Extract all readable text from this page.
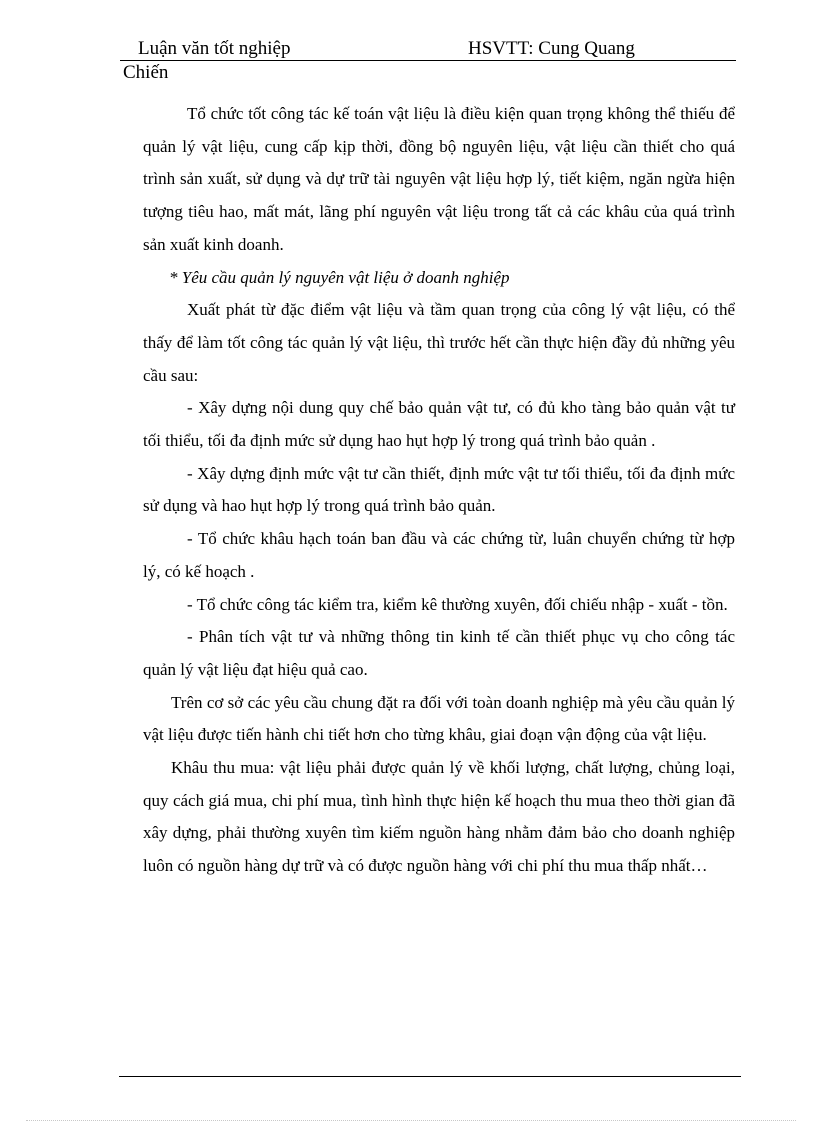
Luận văn tốt nghiệp	HSVTT: Cung Quang
Chiến

Tổ chức tốt công tác kế toán vật liệu là điều kiện quan trọng không thể thiếu để quản lý vật liệu, cung cấp kịp thời, đồng bộ nguyên liệu, vật liệu cần thiết cho quá trình sản xuất, sử dụng và dự trữ tài nguyên vật liệu hợp lý, tiết kiệm, ngăn ngừa hiện tượng tiêu hao, mất mát, lãng phí nguyên vật liệu trong tất cả các khâu của quá trình sản xuất kinh doanh.

* Yêu cầu quản lý nguyên vật liệu ở doanh nghiệp

Xuất phát từ đặc điểm vật liệu và tầm quan trọng của công lý vật liệu, có thể thấy để làm tốt công tác quản lý vật liệu, thì trước hết cần thực hiện đầy đủ những yêu cầu sau:

- Xây dựng nội dung quy chế bảo quản vật tư, có đủ kho tàng bảo quản vật tư tối thiểu, tối đa định mức sử dụng hao hụt hợp lý trong quá trình bảo quản .

- Xây dựng định mức vật tư cần thiết, định mức vật tư tối thiểu, tối đa định mức sử dụng và hao hụt hợp lý trong quá trình bảo quản.

- Tổ chức khâu hạch toán ban đầu và các chứng từ, luân chuyển chứng từ hợp lý, có kế hoạch .

- Tổ chức công tác kiểm tra, kiểm kê thường xuyên, đối chiếu nhập - xuất - tồn.

- Phân tích vật tư và những thông tin kinh tế cần thiết phục vụ cho công tác quản lý vật liệu đạt hiệu quả cao.

Trên cơ sở các yêu cầu chung đặt ra đối với toàn doanh nghiệp mà yêu cầu quản lý vật liệu được tiến hành chi tiết hơn cho từng khâu, giai đoạn vận động của vật liệu.

Khâu thu mua: vật liệu phải được quản lý về khối lượng, chất lượng, chủng loại, quy cách giá mua, chi phí mua, tình hình thực hiện kế hoạch thu mua theo thời gian đã xây dựng, phải thường xuyên tìm kiếm nguồn hàng nhằm đảm bảo cho doanh nghiệp luôn có nguồn hàng dự trữ và có được nguồn hàng với chi phí thu mua thấp nhất…
